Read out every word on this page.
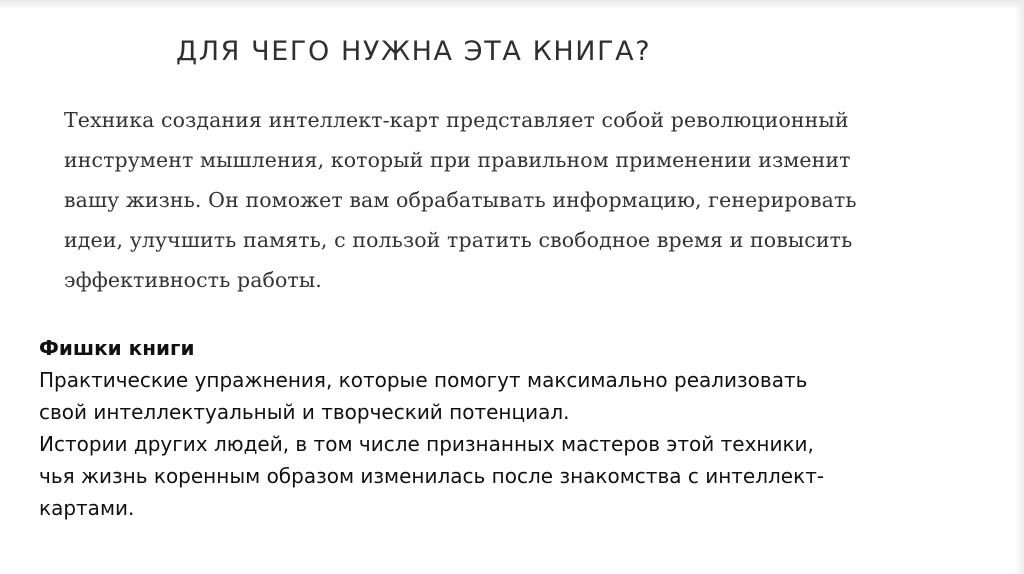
ДЛЯ ЧЕГО НУЖНА ЭТА КНИГА?

Техника создания интеллект-карт представляет собой революционный
инструмент мышления, который при правильном применении изменит
вашу жизнь. Он поможет вам обрабатывать информацию, генерировать
идеи, улучшить память, с пользой тратить свободное время и повысить
эффективность работы.

Фишки книги

Практические упражнения, которые помогут максимально реализовать
свой интеллектуальный и творческий потенциал.
Истории других людей, в том числе признанных мастеров этой техники,
чья жизнь коренным образом изменилась после знакомства с интеллект-
картами.
